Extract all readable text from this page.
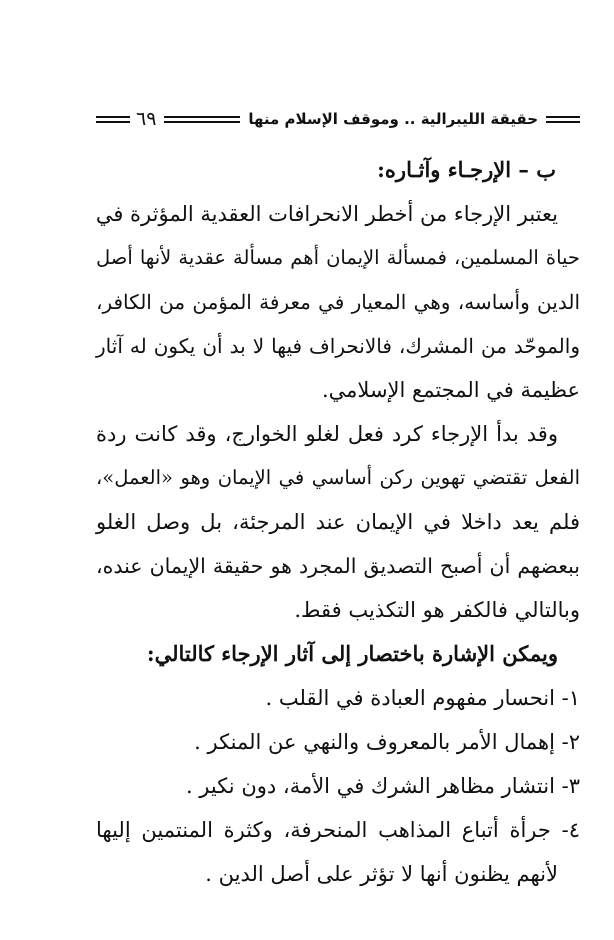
حقيقة الليبرالية .. وموقف الإسلام منها
٦٩
ب – الإرجـاء وآثـاره:
يعتبر الإرجاء من أخطر الانحرافات العقدية المؤثرة في
حياة المسلمين، فمسألة الإيمان أهم مسألة عقدية لأنها أصل
الدين وأساسه، وهي المعيار في معرفة المؤمن من الكافر،
والموحّد من المشرك، فالانحراف فيها لا بد أن يكون له آثار
عظيمة في المجتمع الإسلامي.
وقد بدأ الإرجاء كرد فعل لغلو الخوارج، وقد كانت ردة
الفعل تقتضي تهوين ركن أساسي في الإيمان وهو «العمل»،
فلم يعد داخلا في الإيمان عند المرجئة، بل وصل الغلو
ببعضهم أن أصبح التصديق المجرد هو حقيقة الإيمان عنده،
وبالتالي فالكفر هو التكذيب فقط.
ويمكن الإشارة باختصار إلى آثار الإرجاء كالتالي:
١- انحسار مفهوم العبادة في القلب .
٢- إهمال الأمر بالمعروف والنهي عن المنكر .
٣- انتشار مظاهر الشرك في الأمة، دون نكير .
٤- جرأة أتباع المذاهب المنحرفة، وكثرة المنتمين إليها
لأنهم يظنون أنها لا تؤثر على أصل الدين .
